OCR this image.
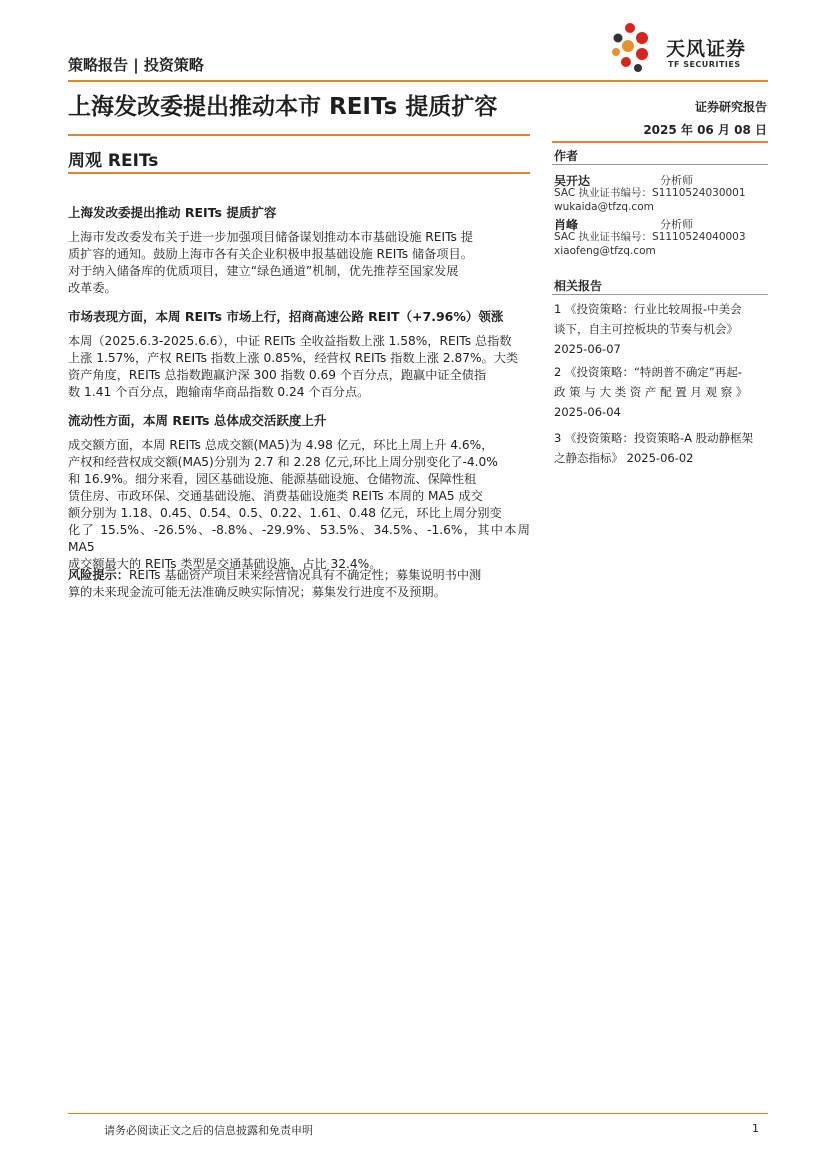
策略报告 | 投资策略
天风证券
TF SECURITIES
上海发改委提出推动本市 REITs 提质扩容	证券研究报告
2025 年 06 月 08 日
周观 REITs
上海发改委提出推动 REITs 提质扩容

上海市发改委发布关于进一步加强项目储备谋划推动本市基础设施 REITs 提

质扩容的通知。鼓励上海市各有关企业积极申报基础设施 REITs 储备项目。

对于纳入储备库的优质项目，建立“绿色通道”机制，优先推荐至国家发展

改革委。

市场表现方面，本周 REITs 市场上行，招商高速公路 REIT（+7.96%）领涨

本周（2025.6.3-2025.6.6），中证 REITs 全收益指数上涨 1.58%，REITs 总指数

上涨 1.57%，产权 REITs 指数上涨 0.85%，经营权 REITs 指数上涨 2.87%。大类

资产角度，REITs 总指数跑赢沪深 300 指数 0.69 个百分点，跑赢中证全债指

数 1.41 个百分点，跑输南华商品指数 0.24 个百分点。

流动性方面，本周 REITs 总体成交活跃度上升

成交额方面，本周 REITs 总成交额(MA5)为 4.98 亿元，环比上周上升 4.6%，

产权和经营权成交额(MA5)分别为 2.7 和 2.28 亿元,环比上周分别变化了-4.0%

和 16.9%。细分来看，园区基础设施、能源基础设施、仓储物流、保障性租

赁住房、市政环保、交通基础设施、消费基础设施类 REITs 本周的 MA5 成交

额分别为 1.18、0.45、0.54、0.5、0.22、1.61、0.48 亿元，环比上周分别变

化了 15.5%、-26.5%、-8.8%、-29.9%、53.5%、34.5%、-1.6%，其中本周 MA5

成交额最大的 REITs 类型是交通基础设施，占比 32.4%。

风险提示：REITs 基础资产项目未来经营情况具有不确定性；募集说明书中测

算的未来现金流可能无法准确反映实际情况；募集发行进度不及预期。

作者
吴开达	分析师
SAC 执业证书编号：S1110524030001
wukaida@tfzq.com
肖峰	分析师
SAC 执业证书编号：S1110524040003
xiaofeng@tfzq.com
相关报告
1 《投资策略：行业比较周报-中美会
谈下，自主可控板块的节奏与机会》
2025-06-07
2 《投资策略：“特朗普不确定”再起-
政 策 与 大 类 资 产 配 置 月 观 察 》
2025-06-04
3 《投资策略：投资策略-A 股动静框架
之静态指标》 2025-06-02
请务必阅读正文之后的信息披露和免责申明	1
